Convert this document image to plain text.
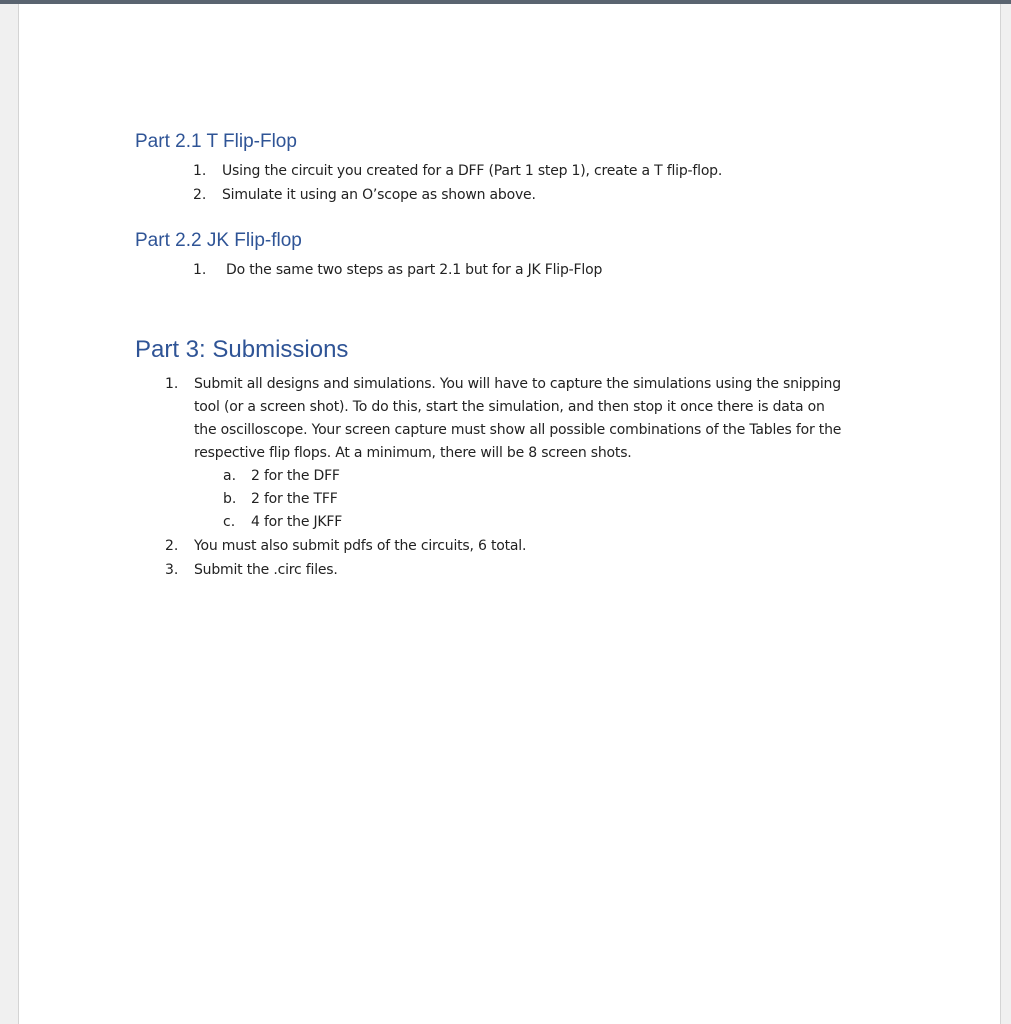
Part 2.1 T Flip-Flop
1. Using the circuit you created for a DFF (Part 1 step 1), create a T flip-flop.
2. Simulate it using an O’scope as shown above.
Part 2.2 JK Flip-flop
1. Do the same two steps as part 2.1 but for a JK Flip-Flop
Part 3: Submissions
1. Submit all designs and simulations. You will have to capture the simulations using the snipping
tool (or a screen shot). To do this, start the simulation, and then stop it once there is data on
the oscilloscope. Your screen capture must show all possible combinations of the Tables for the
respective flip flops. At a minimum, there will be 8 screen shots.
a. 2 for the DFF
b. 2 for the TFF
c. 4 for the JKFF
2. You must also submit pdfs of the circuits, 6 total.
3. Submit the .circ files.
